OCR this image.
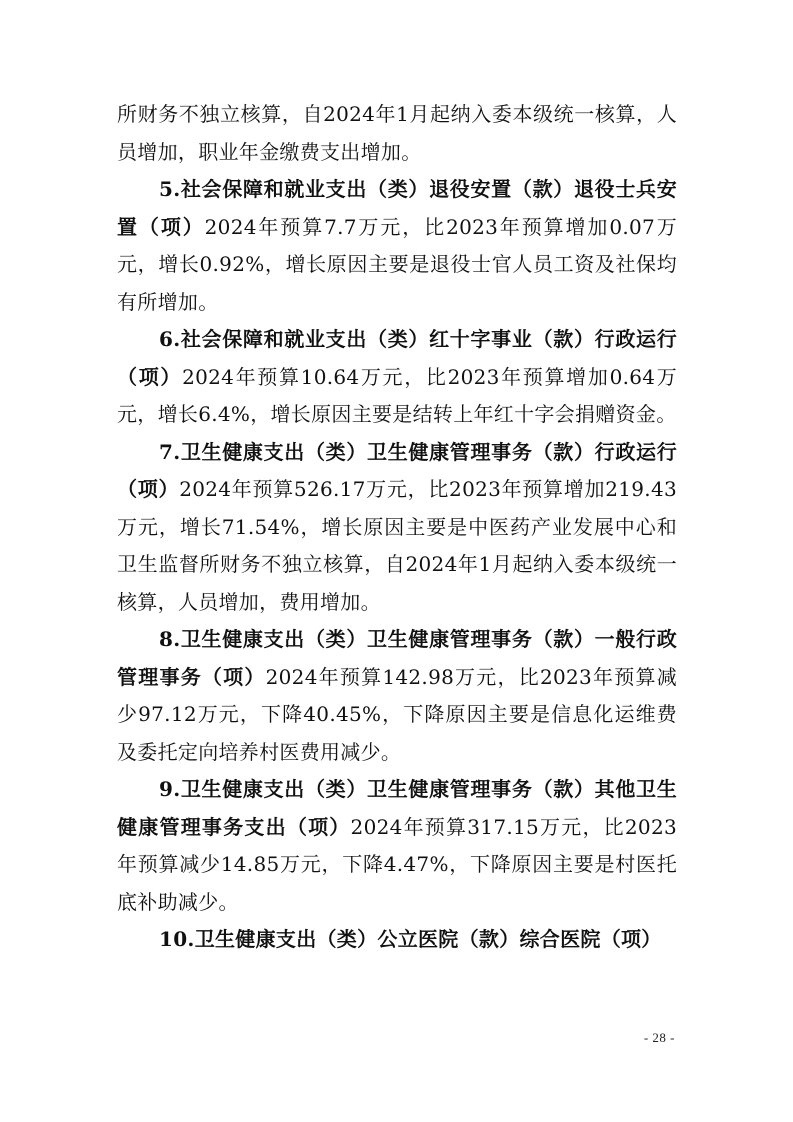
所财务不独立核算，自2024年1月起纳入委本级统一核算，人员增加，职业年金缴费支出增加。

5.社会保障和就业支出（类）退役安置（款）退役士兵安置（项）2024年预算7.7万元，比2023年预算增加0.07万元，增长0.92%，增长原因主要是退役士官人员工资及社保均有所增加。

6.社会保障和就业支出（类）红十字事业（款）行政运行（项）2024年预算10.64万元，比2023年预算增加0.64万元，增长6.4%，增长原因主要是结转上年红十字会捐赠资金。

7.卫生健康支出（类）卫生健康管理事务（款）行政运行（项）2024年预算526.17万元，比2023年预算增加219.43万元，增长71.54%，增长原因主要是中医药产业发展中心和卫生监督所财务不独立核算，自2024年1月起纳入委本级统一核算，人员增加，费用增加。

8.卫生健康支出（类）卫生健康管理事务（款）一般行政管理事务（项）2024年预算142.98万元，比2023年预算减少97.12万元，下降40.45%，下降原因主要是信息化运维费及委托定向培养村医费用减少。

9.卫生健康支出（类）卫生健康管理事务（款）其他卫生健康管理事务支出（项）2024年预算317.15万元，比2023年预算减少14.85万元，下降4.47%，下降原因主要是村医托底补助减少。

10.卫生健康支出（类）公立医院（款）综合医院（项）

- 28 -
